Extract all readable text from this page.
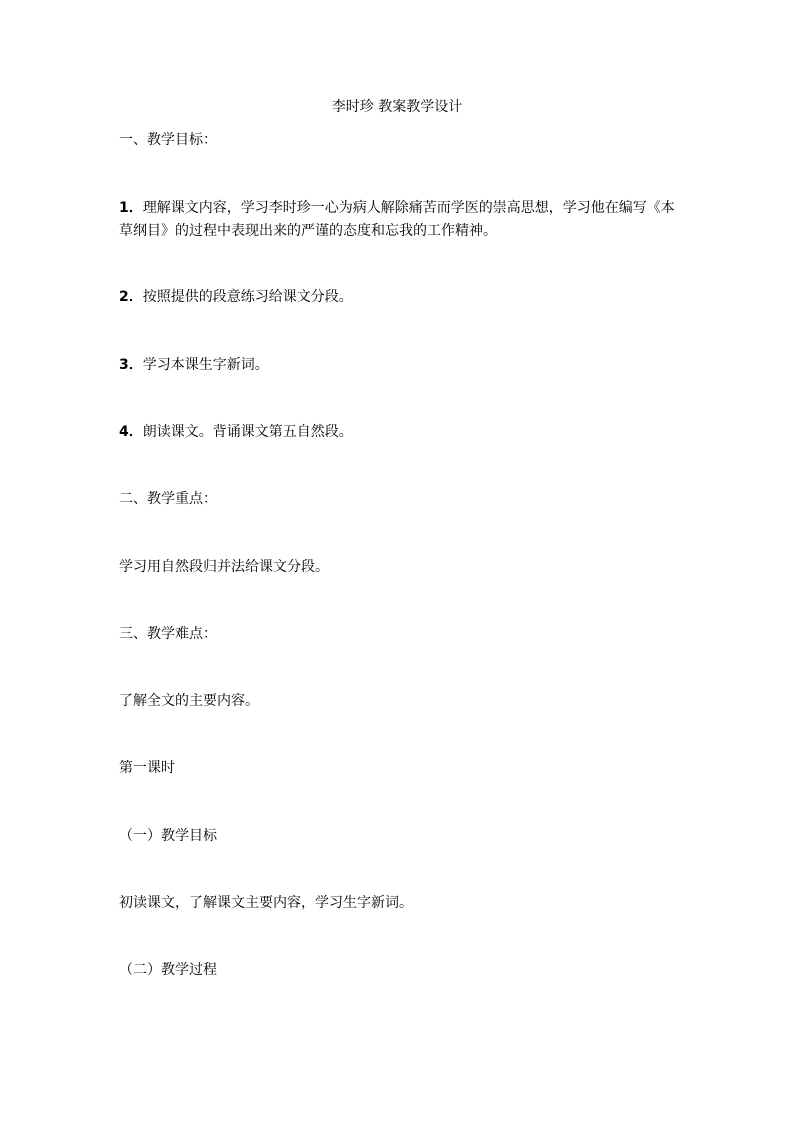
李时珍 教案教学设计
一、教学目标：
1．理解课文内容，学习李时珍一心为病人解除痛苦而学医的崇高思想，学习他在编写《本草纲目》的过程中表现出来的严谨的态度和忘我的工作精神。
2．按照提供的段意练习给课文分段。
3．学习本课生字新词。
4．朗读课文。背诵课文第五自然段。
二、教学重点：
学习用自然段归并法给课文分段。
三、教学难点：
了解全文的主要内容。
第一课时
（一）教学目标
初读课文，了解课文主要内容，学习生字新词。
（二）教学过程
